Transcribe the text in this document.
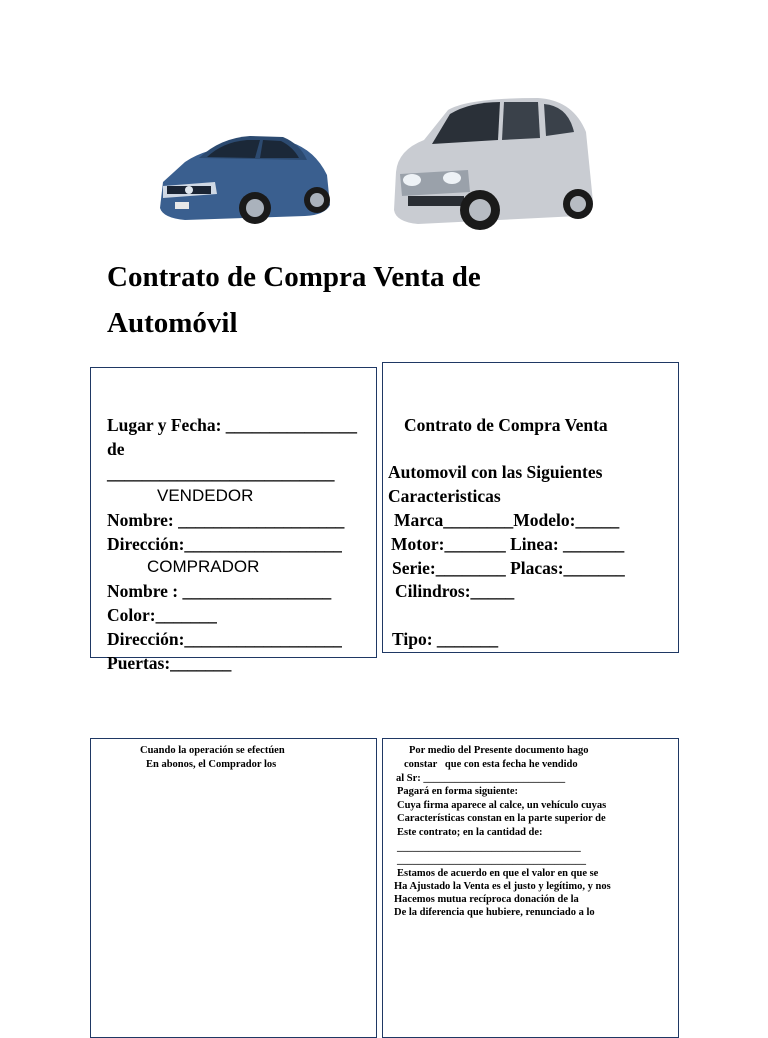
Contrato de Compra Venta de
Automóvil
Lugar y Fecha: _______________
de
__________________________
VENDEDOR
Nombre: ___________________
Dirección:__________________
COMPRADOR
Nombre : _________________
Color:_______
Dirección:__________________
Puertas:_______
Contrato de Compra Venta
Automovil con las Siguientes
Caracteristicas
Marca________Modelo:_____
Motor:_______ Linea: _______
Serie:________ Placas:_______
Cilindros:_____
Tipo: _______
Cuando la operación se efectúen
En abonos, el Comprador los
Por medio del Presente documento hago
constar   que con esta fecha he vendido
al Sr: ___________________________
Pagará en forma siguiente:
Cuya firma aparece al calce, un vehículo cuyas
Características constan en la parte superior de
Este contrato; en la cantidad de:
___________________________________
____________________________________
Estamos de acuerdo en que el valor en que se
Ha Ajustado la Venta es el justo y legítimo, y nos
Hacemos mutua recíproca donación de la
De la diferencia que hubiere, renunciado a lo
